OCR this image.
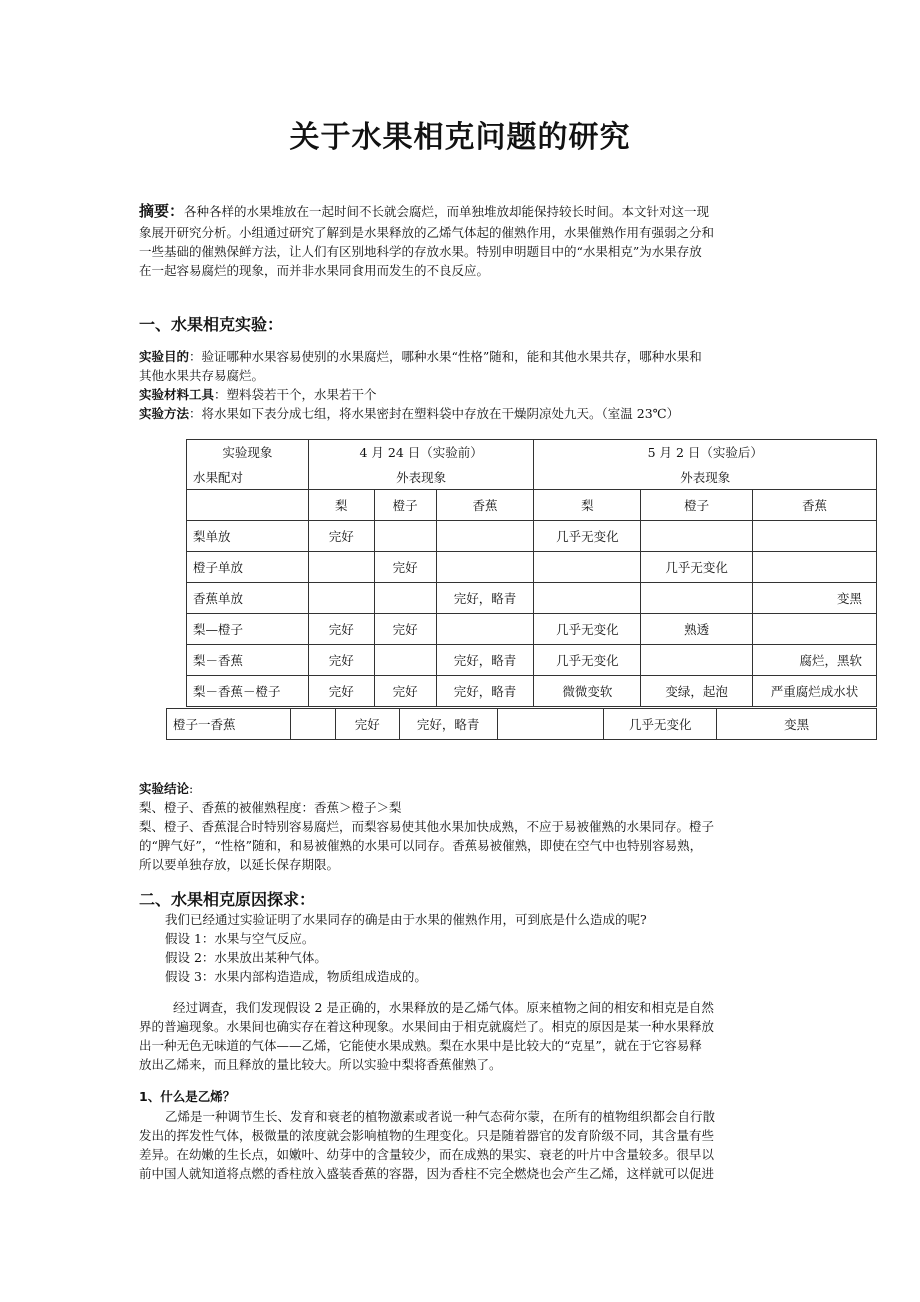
关于水果相克问题的研究
摘要：各种各样的水果堆放在一起时间不长就会腐烂，而单独堆放却能保持较长时间。本文针对这一现
象展开研究分析。小组通过研究了解到是水果释放的乙烯气体起的催熟作用，水果催熟作用有强弱之分和
一些基础的催熟保鲜方法，让人们有区别地科学的存放水果。特别申明题目中的“水果相克”为水果存放
在一起容易腐烂的现象，而并非水果同食用而发生的不良反应。
一、水果相克实验：
实验目的：验证哪种水果容易使别的水果腐烂，哪种水果“性格”随和，能和其他水果共存，哪种水果和
其他水果共存易腐烂。
实验材料工具：塑料袋若干个，水果若干个
实验方法：将水果如下表分成七组，将水果密封在塑料袋中存放在干燥阴凉处九天。（室温 23℃）
实验现象	4 月 24 日（实验前）			5 月 2 日（实验后）		
水果配对	外表现象			外表现象		
	梨	橙子	香蕉	梨	橙子	香蕉
梨单放	完好			几乎无变化		
橙子单放		完好			几乎无变化	
香蕉单放			完好，略青			变黑
梨—橙子	完好	完好		几乎无变化	熟透	
梨－香蕉	完好		完好，略青	几乎无变化		腐烂，黑软
梨－香蕉－橙子	完好	完好	完好，略青	微微变软	变绿，起泡	严重腐烂成水状
橙子一香蕉		完好	完好，略青		几乎无变化	变黑
实验结论:
梨、橙子、香蕉的被催熟程度：香蕉＞橙子＞梨
梨、橙子、香蕉混合时特别容易腐烂，而梨容易使其他水果加快成熟，不应于易被催熟的水果同存。橙子
的“脾气好”，“性格”随和，和易被催熟的水果可以同存。香蕉易被催熟，即使在空气中也特别容易熟，
所以要单独存放，以延长保存期限。
二、水果相克原因探求：
我们已经通过实验证明了水果同存的确是由于水果的催熟作用，可到底是什么造成的呢?
假设 1：水果与空气反应。
假设 2：水果放出某种气体。
假设 3：水果内部构造造成，物质组成造成的。
经过调查，我们发现假设 2 是正确的，水果释放的是乙烯气体。原来植物之间的相安和相克是自然
界的普遍现象。水果间也确实存在着这种现象。水果间由于相克就腐烂了。相克的原因是某一种水果释放
出一种无色无味道的气体——乙烯，它能使水果成熟。梨在水果中是比较大的“克星”，就在于它容易释
放出乙烯来，而且释放的量比较大。所以实验中梨将香蕉催熟了。
1、什么是乙烯？
乙烯是一种调节生长、发育和衰老的植物激素或者说一种气态荷尔蒙，在所有的植物组织都会自行散
发出的挥发性气体，极微量的浓度就会影响植物的生理变化。只是随着器官的发育阶级不同，其含量有些
差异。在幼嫩的生长点，如嫩叶、幼芽中的含量较少，而在成熟的果实、衰老的叶片中含量较多。很早以
前中国人就知道将点燃的香柱放入盛装香蕉的容器，因为香柱不完全燃烧也会产生乙烯，这样就可以促进
